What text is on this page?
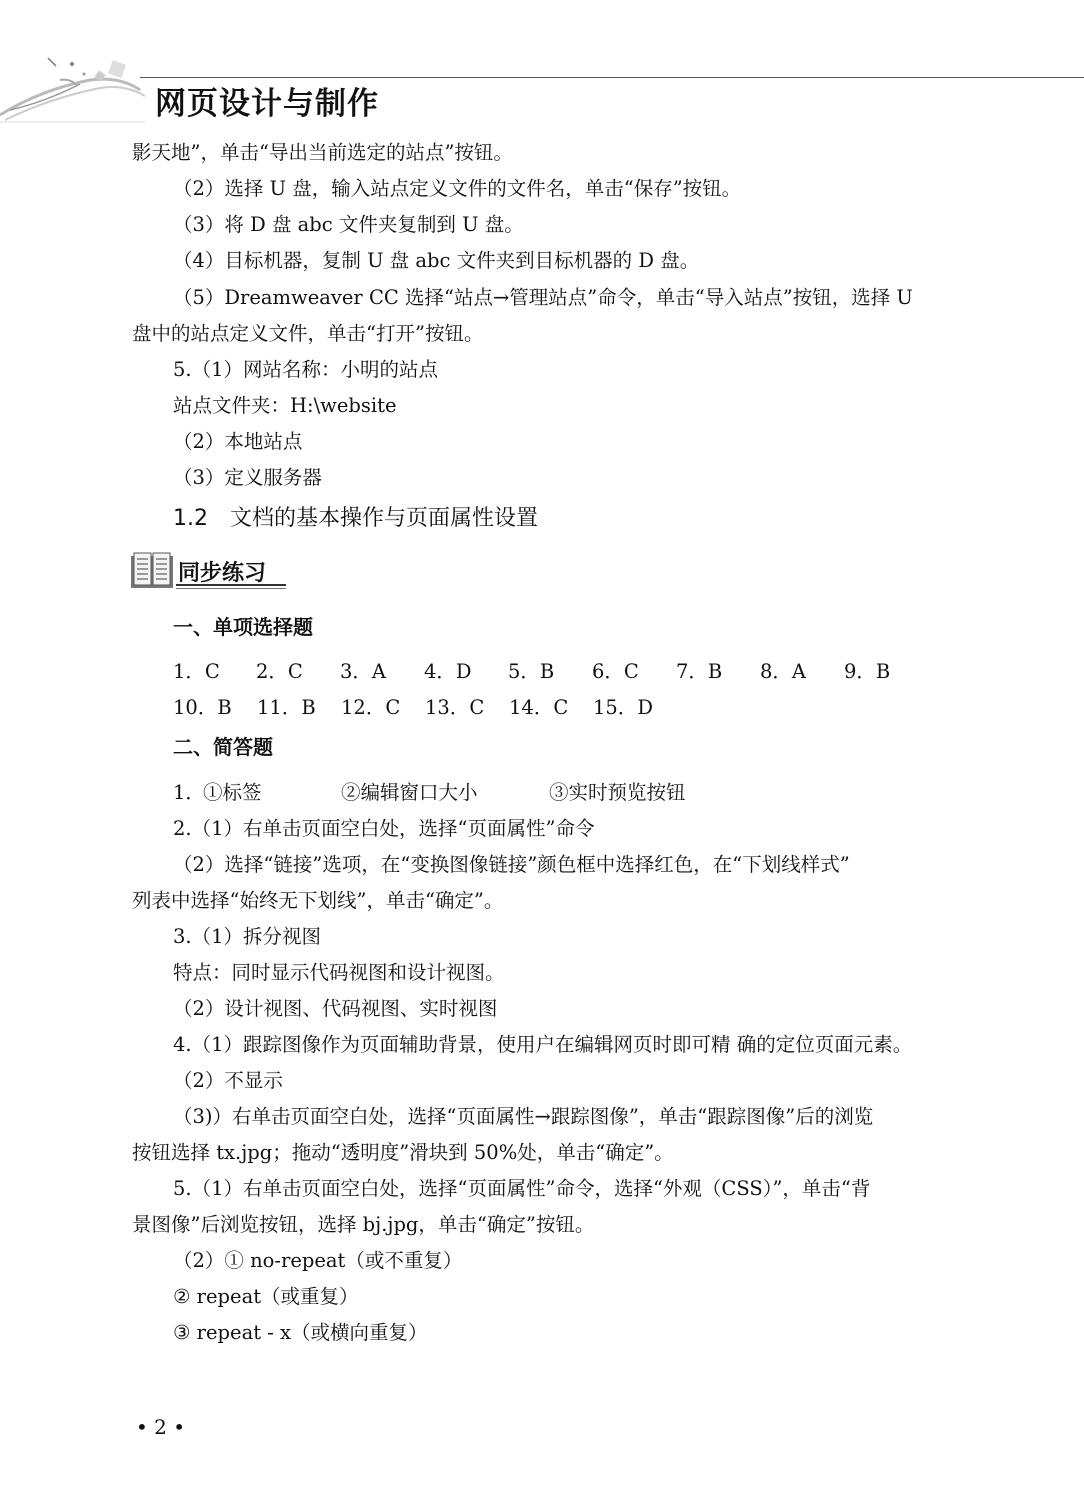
网页设计与制作
影天地”，单击“导出当前选定的站点”按钮。
（2）选择 U 盘，输入站点定义文件的文件名，单击“保存”按钮。
（3）将 D 盘 abc 文件夹复制到 U 盘。
（4）目标机器，复制 U 盘 abc 文件夹到目标机器的 D 盘。
（5）Dreamweaver CC 选择“站点→管理站点”命令，单击“导入站点”按钮，选择 U
盘中的站点定义文件，单击“打开”按钮。
5.（1）网站名称：小明的站点
站点文件夹：H:\website
（2）本地站点
（3）定义服务器
1.2 文档的基本操作与页面属性设置
同步练习
一、单项选择题
1．C 2．C 3．A 4．D 5．B 6．C 7．B 8．A 9．B
10．B 11．B 12．C 13．C 14．C 15．D
二、简答题
1．
①标签	②编辑窗口大小	③实时预览按钮
2.（1）右单击页面空白处，选择“页面属性”命令
（2）选择“链接”选项，在“变换图像链接”颜色框中选择红色，在“下划线样式”
列表中选择“始终无下划线”，单击“确定”。
3.（1）拆分视图
特点：同时显示代码视图和设计视图。
（2）设计视图、代码视图、实时视图
4.（1）跟踪图像作为页面辅助背景，使用户在编辑网页时即可精 确的定位页面元素。
（2）不显示
（3)）右单击页面空白处，选择“页面属性→跟踪图像”，单击“跟踪图像”后的浏览
按钮选择 tx.jpg；拖动“透明度”滑块到 50%处，单击“确定”。
5.（1）右单击页面空白处，选择“页面属性”命令，选择“外观（CSS）”，单击“背
景图像”后浏览按钮，选择 bj.jpg，单击“确定”按钮。
（2）① no-repeat（或不重复）
② repeat（或重复）
③ repeat - x（或横向重复）
• 2 •
